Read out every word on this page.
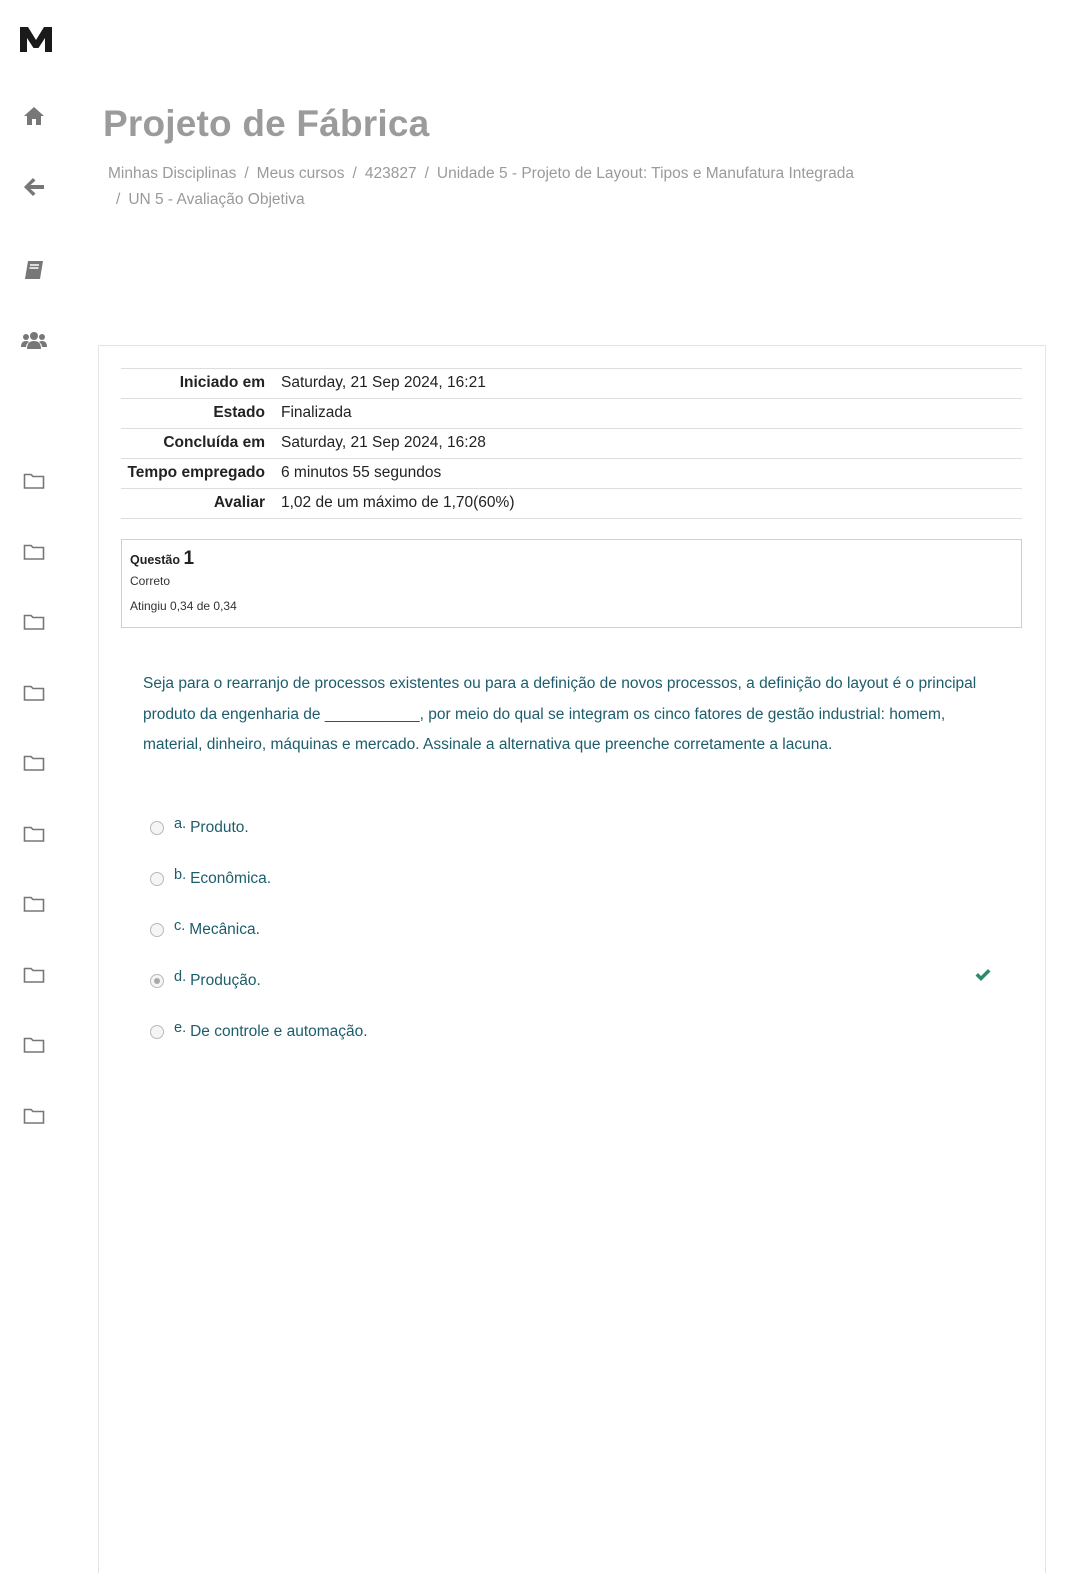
Projeto de Fábrica
Minhas Disciplinas / Meus cursos / 423827 / Unidade 5 - Projeto de Layout: Tipos e Manufatura Integrada
/ UN 5 - Avaliação Objetiva
Iniciado em	Saturday, 21 Sep 2024, 16:21
Estado	Finalizada
Concluída em	Saturday, 21 Sep 2024, 16:28
Tempo empregado	6 minutos 55 segundos
Avaliar	1,02 de um máximo de 1,70(60%)
Questão 1
Correto
Atingiu 0,34 de 0,34
Seja para o rearranjo de processos existentes ou para a definição de novos processos, a definição do layout é o principal produto da engenharia de ___________, por meio do qual se integram os cinco fatores de gestão industrial: homem, material, dinheiro, máquinas e mercado. Assinale a alternativa que preenche corretamente a lacuna.
a. Produto.
b. Econômica.
c. Mecânica.
d. Produção.
e. De controle e automação.
